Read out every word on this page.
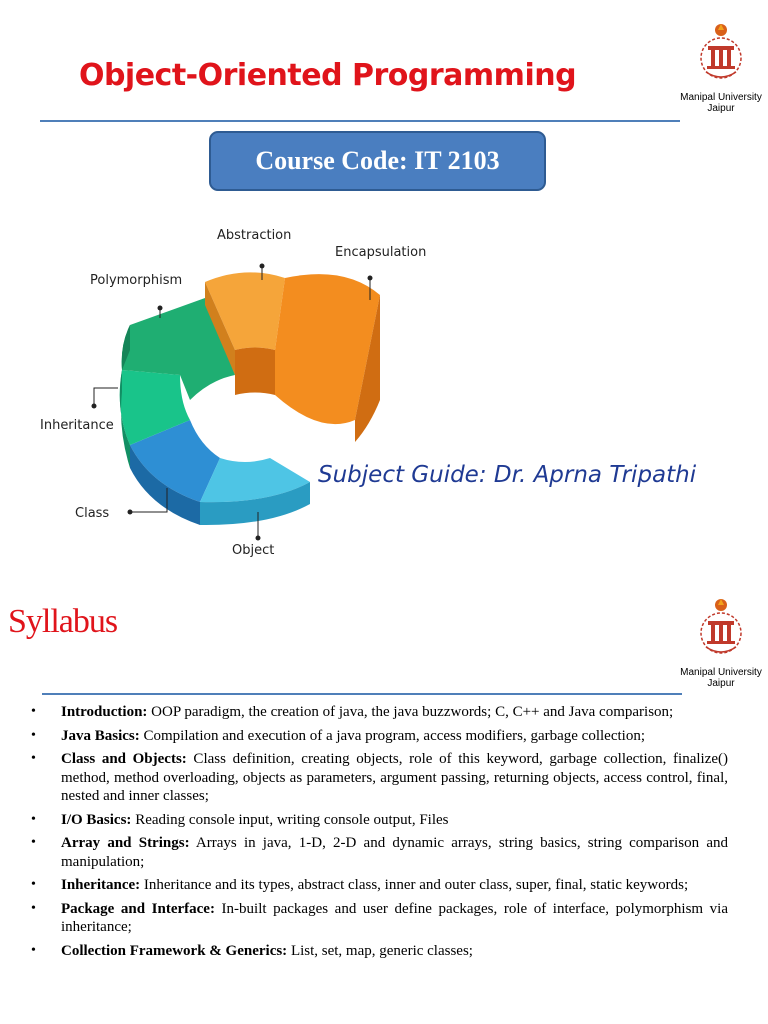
Object-Oriented Programming
Manipal University
Jaipur
Course Code: IT 2103
Abstraction
Encapsulation
Polymorphism
Inheritance
Class
Object
Subject Guide: Dr. Aprna Tripathi
Syllabus
Manipal University
Jaipur
• Introduction: OOP paradigm, the creation of java, the java buzzwords; C, C++ and Java comparison;
• Java Basics: Compilation and execution of a java program, access modifiers, garbage collection;
• Class and Objects: Class definition, creating objects, role of this keyword, garbage collection, finalize() method, method overloading, objects as parameters, argument passing, returning objects, access control, final, nested and inner classes;
• I/O Basics: Reading console input, writing console output, Files
• Array and Strings: Arrays in java, 1-D, 2-D and dynamic arrays, string basics, string comparison and manipulation;
• Inheritance: Inheritance and its types, abstract class, inner and outer class, super, final, static keywords;
• Package and Interface: In-built packages and user define packages, role of interface, polymorphism via inheritance;
• Collection Framework & Generics: List, set, map, generic classes;
